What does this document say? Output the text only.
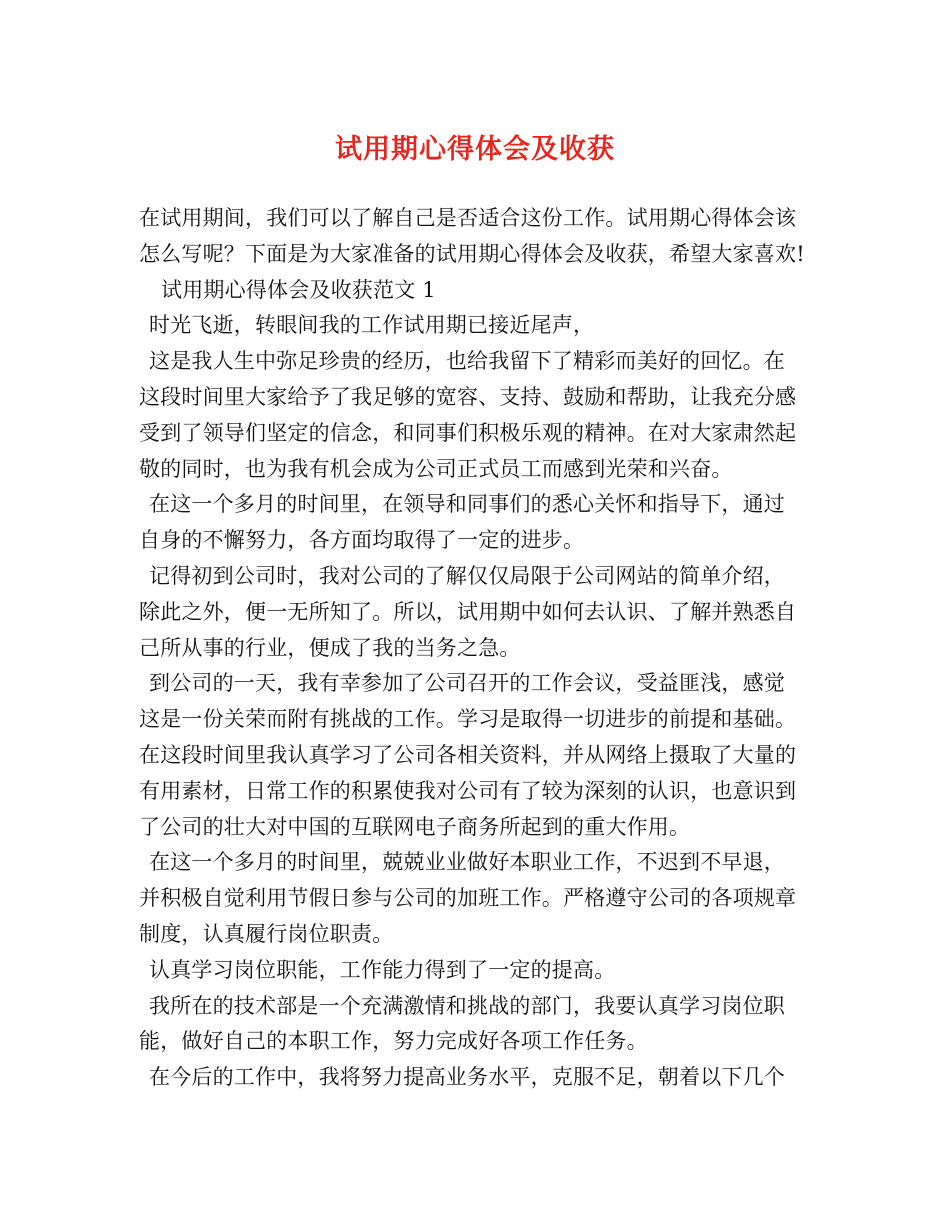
试用期心得体会及收获
在试用期间，我们可以了解自己是否适合这份工作。试用期心得体会该
怎么写呢？下面是为大家准备的试用期心得体会及收获，希望大家喜欢!
试用期心得体会及收获范文 1
时光飞逝，转眼间我的工作试用期已接近尾声，
这是我人生中弥足珍贵的经历，也给我留下了精彩而美好的回忆。在
这段时间里大家给予了我足够的宽容、支持、鼓励和帮助，让我充分感
受到了领导们坚定的信念，和同事们积极乐观的精神。在对大家肃然起
敬的同时，也为我有机会成为公司正式员工而感到光荣和兴奋。
在这一个多月的时间里，在领导和同事们的悉心关怀和指导下，通过
自身的不懈努力，各方面均取得了一定的进步。
记得初到公司时，我对公司的了解仅仅局限于公司网站的简单介绍，
除此之外，便一无所知了。所以，试用期中如何去认识、了解并熟悉自
己所从事的行业，便成了我的当务之急。
到公司的一天，我有幸参加了公司召开的工作会议，受益匪浅，感觉
这是一份关荣而附有挑战的工作。学习是取得一切进步的前提和基础。
在这段时间里我认真学习了公司各相关资料，并从网络上摄取了大量的
有用素材，日常工作的积累使我对公司有了较为深刻的认识，也意识到
了公司的壮大对中国的互联网电子商务所起到的重大作用。
在这一个多月的时间里，兢兢业业做好本职业工作，不迟到不早退，
并积极自觉利用节假日参与公司的加班工作。严格遵守公司的各项规章
制度，认真履行岗位职责。
认真学习岗位职能，工作能力得到了一定的提高。
我所在的技术部是一个充满激情和挑战的部门，我要认真学习岗位职
能，做好自己的本职工作，努力完成好各项工作任务。
在今后的工作中，我将努力提高业务水平，克服不足，朝着以下几个
